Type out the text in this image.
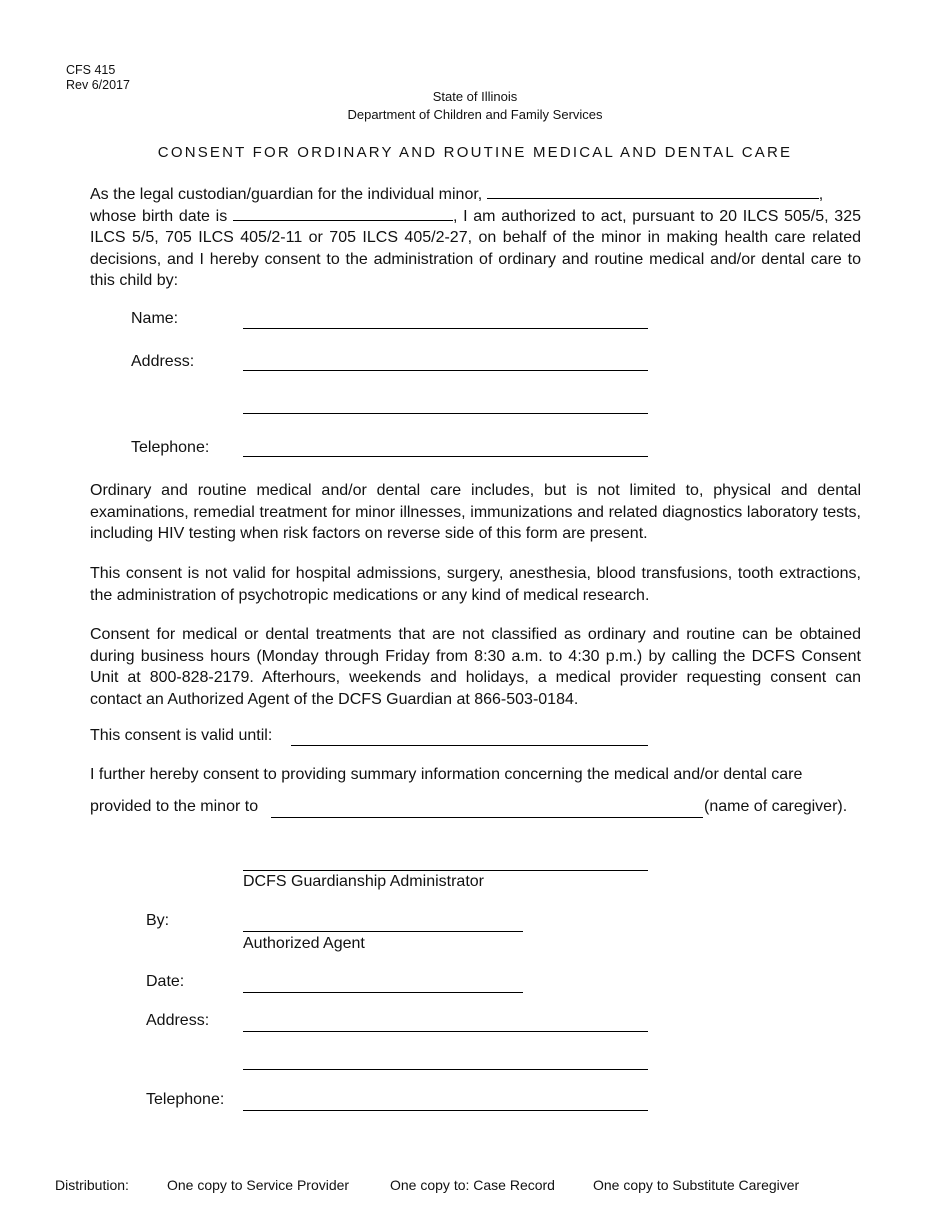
CFS 415
Rev 6/2017
State of Illinois
Department of Children and Family Services
CONSENT FOR ORDINARY AND ROUTINE MEDICAL AND DENTAL CARE
As the legal custodian/guardian for the individual minor,	,
whose birth date is	, I am authorized to act, pursuant to 20 ILCS 505/5, 325 ILCS 5/5, 705 ILCS 405/2-11 or 705 ILCS 405/2-27, on behalf of the minor in making health care related decisions, and I hereby consent to the administration of ordinary and routine medical and/or dental care to this child by:
Name:
Address:
Telephone:
Ordinary and routine medical and/or dental care includes, but is not limited to, physical and dental examinations, remedial treatment for minor illnesses, immunizations and related diagnostics laboratory tests, including HIV testing when risk factors on reverse side of this form are present.
This consent is not valid for hospital admissions, surgery, anesthesia, blood transfusions, tooth extractions, the administration of psychotropic medications or any kind of medical research.
Consent for medical or dental treatments that are not classified as ordinary and routine can be obtained during business hours (Monday through Friday from 8:30 a.m. to 4:30 p.m.) by calling the DCFS Consent Unit at 800-828-2179. Afterhours, weekends and holidays, a medical provider requesting consent can contact an Authorized Agent of the DCFS Guardian at 866-503-0184.
This consent is valid until:
I further hereby consent to providing summary information concerning the medical and/or dental care
provided to the minor to	(name of caregiver).
DCFS Guardianship Administrator
By:
Authorized Agent
Date:
Address:
Telephone:
Distribution:	One copy to Service Provider	One copy to: Case Record	One copy to Substitute Caregiver
